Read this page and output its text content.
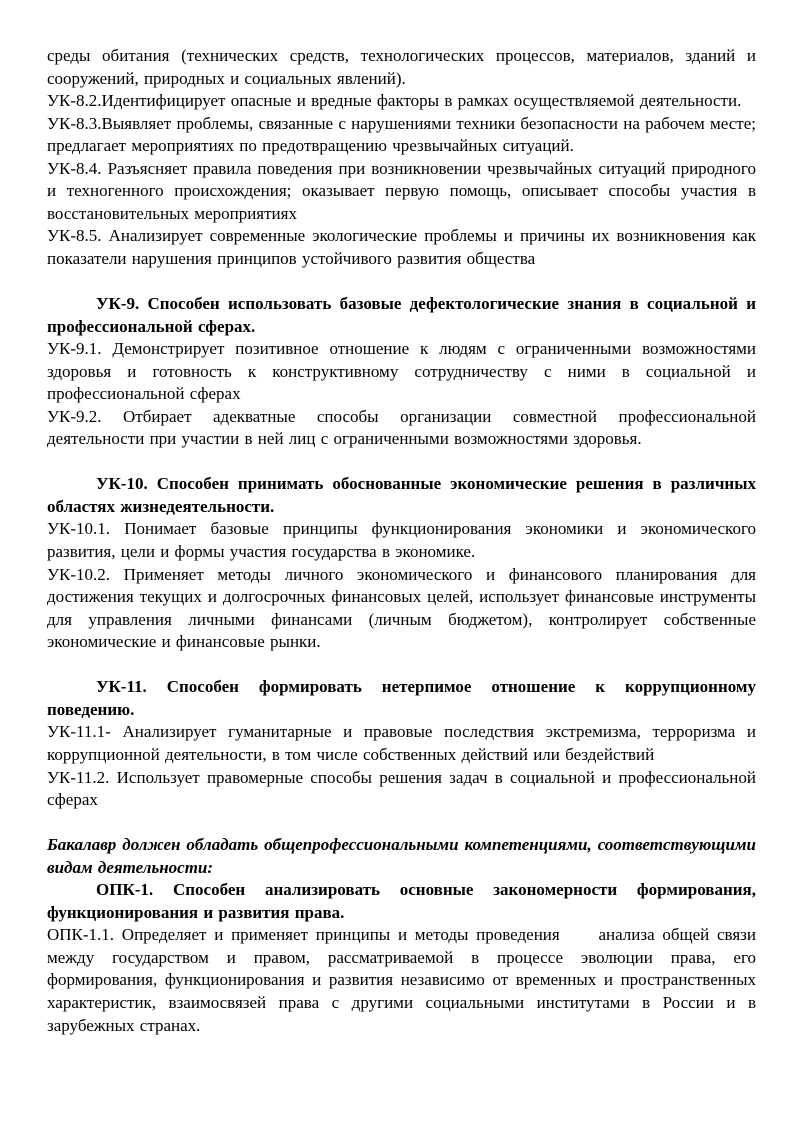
среды обитания (технических средств, технологических процессов, материалов, зданий и сооружений, природных и социальных явлений).

УК-8.2.Идентифицирует опасные и вредные факторы в рамках осуществляемой деятельности.

УК-8.3.Выявляет проблемы, связанные с нарушениями техники безопасности на рабочем месте; предлагает мероприятиях по предотвращению чрезвычайных ситуаций.

УК-8.4. Разъясняет правила поведения при возникновении чрезвычайных ситуаций природного и техногенного происхождения; оказывает первую помощь, описывает способы участия в восстановительных мероприятиях

УК-8.5. Анализирует современные экологические проблемы и причины их возникновения как показатели нарушения принципов устойчивого развития общества

УК-9. Способен использовать базовые дефектологические знания в социальной и профессиональной сферах.

УК-9.1. Демонстрирует позитивное отношение к людям с ограниченными возможностями здоровья и готовность к конструктивному сотрудничеству с ними в социальной и профессиональной сферах

УК-9.2. Отбирает адекватные способы организации совместной профессиональной деятельности при участии в ней лиц с ограниченными возможностями здоровья.

УК-10. Способен принимать обоснованные экономические решения в различных областях жизнедеятельности.

УК-10.1. Понимает базовые принципы функционирования экономики и экономического развития, цели и формы участия государства в экономике.

УК-10.2. Применяет методы личного экономического и финансового планирования для достижения текущих и долгосрочных финансовых целей, использует финансовые инструменты для управления личными финансами (личным бюджетом), контролирует собственные экономические и финансовые рынки.

УК-11. Способен формировать нетерпимое отношение к коррупционному поведению.

УК-11.1- Анализирует гуманитарные и правовые последствия экстремизма, терроризма и коррупционной деятельности, в том числе собственных действий или бездействий

УК-11.2. Использует правомерные способы решения задач в социальной и профессиональной сферах

Бакалавр должен обладать общепрофессиональными компетенциями, соответствующими видам деятельности:

ОПК-1. Способен анализировать основные закономерности формирования, функционирования и развития права.

ОПК-1.1. Определяет и применяет принципы и методы проведения     анализа общей связи между государством и правом, рассматриваемой в процессе эволюции права, его формирования, функционирования и развития независимо от временных и пространственных характеристик, взаимосвязей права с другими социальными институтами в России и в зарубежных странах.
